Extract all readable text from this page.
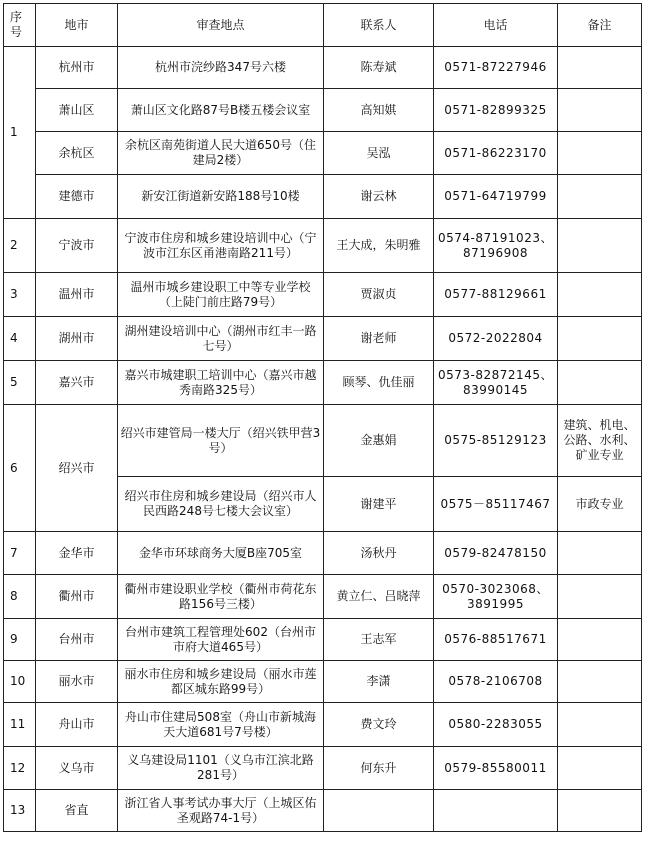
序号	地市	审查地点	联系人	电话	备注
1	杭州市	杭州市浣纱路347号六楼	陈寿斌	0571-87227946	
	萧山区	萧山区文化路87号B楼五楼会议室	高知娸	0571-82899325	
	余杭区	余杭区南苑街道人民大道650号（住建局2楼）	吴泓	0571-86223170	
	建德市	新安江街道新安路188号10楼	谢云林	0571-64719799	
2	宁波市	宁波市住房和城乡建设培训中心（宁波市江东区甬港南路211号）	王大成，朱明雅	0574-87191023、87196908	
3	温州市	温州市城乡建设职工中等专业学校（上陡门前庄路79号）	贾淑贞	0577-88129661	
4	湖州市	湖州建设培训中心（湖州市红丰一路七号）	谢老师	0572-2022804	
5	嘉兴市	嘉兴市城建职工培训中心（嘉兴市越秀南路325号）	顾琴、仇佳丽	0573-82872145、83990145	
6	绍兴市	绍兴市建管局一楼大厅（绍兴铁甲营3号）	金惠娟	0575-85129123	建筑、机电、公路、水利、矿业专业
		绍兴市住房和城乡建设局（绍兴市人民西路248号七楼大会议室）	谢建平	0575－85117467	市政专业
7	金华市	金华市环球商务大厦B座705室	汤秋丹	0579-82478150	
8	衢州市	衢州市建设职业学校（衢州市荷花东路156号三楼）	黄立仁、吕晓萍	0570-3023068、3891995	
9	台州市	台州市建筑工程管理处602（台州市市府大道465号）	王志军	0576-88517671	
10	丽水市	丽水市住房和城乡建设局（丽水市莲都区城东路99号）	李潇	0578-2106708	
11	舟山市	舟山市住建局508室（舟山市新城海天大道681号7号楼）	费文玲	0580-2283055	
12	义乌市	义乌建设局1101（义乌市江滨北路281号）	何东升	0579-85580011	
13	省直	浙江省人事考试办事大厅（上城区佑圣观路74-1号）			
